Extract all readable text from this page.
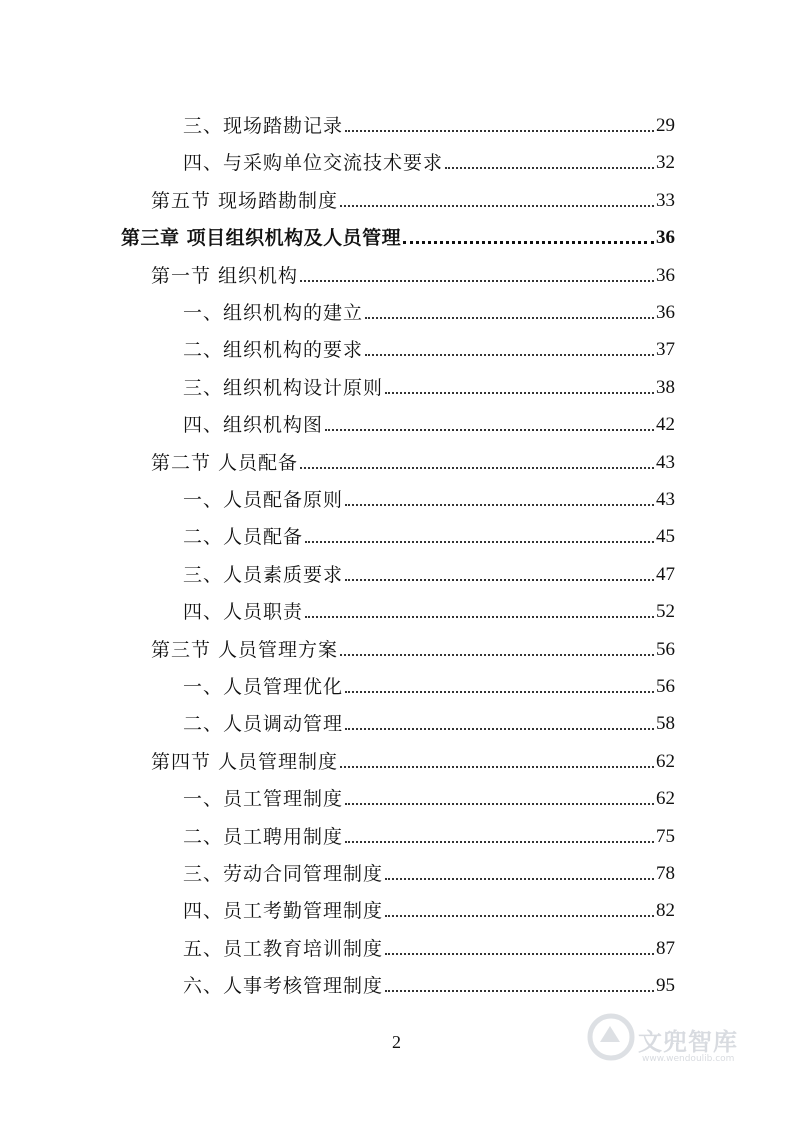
三、现场踏勘记录	29
四、与采购单位交流技术要求	32
第五节 现场踏勘制度	33
第三章 项目组织机构及人员管理	36
第一节 组织机构	36
一、组织机构的建立	36
二、组织机构的要求	37
三、组织机构设计原则	38
四、组织机构图	42
第二节 人员配备	43
一、人员配备原则	43
二、人员配备	45
三、人员素质要求	47
四、人员职责	52
第三节 人员管理方案	56
一、人员管理优化	56
二、人员调动管理	58
第四节 人员管理制度	62
一、员工管理制度	62
二、员工聘用制度	75
三、劳动合同管理制度	78
四、员工考勤管理制度	82
五、员工教育培训制度	87
六、人事考核管理制度	95
2	文兜智库
www.wendoulib.com
